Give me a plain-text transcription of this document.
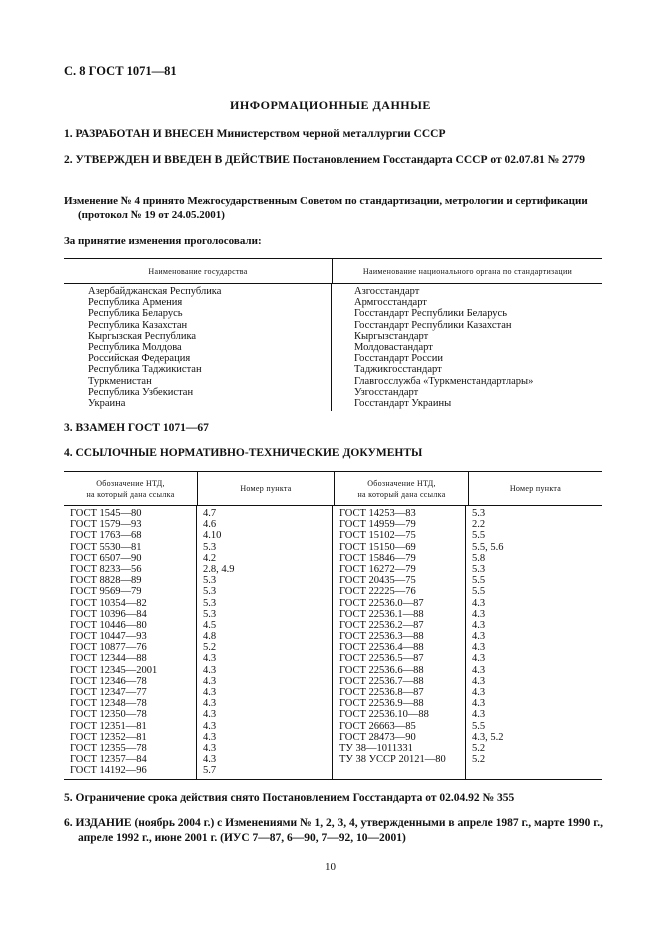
С. 8 ГОСТ 1071—81
ИНФОРМАЦИОННЫЕ ДАННЫЕ
1. РАЗРАБОТАН И ВНЕСЕН Министерством черной металлургии СССР
2. УТВЕРЖДЕН И ВВЕДЕН В ДЕЙСТВИЕ Постановлением Госстандарта СССР от 02.07.81 № 2779
Изменение № 4 принято Межгосударственным Советом по стандартизации, метрологии и сертификации (протокол № 19 от 24.05.2001)
За принятие изменения проголосовали:
Наименование государства	Наименование национального органа по стандартизации
Азербайджанская Республика
Республика Армения
Республика Беларусь
Республика Казахстан
Кыргызская Республика
Республика Молдова
Российская Федерация
Республика Таджикистан
Туркменистан
Республика Узбекистан
Украина
Азгосстандарт
Армгосстандарт
Госстандарт Республики Беларусь
Госстандарт Республики Казахстан
Кыргызстандарт
Молдовастандарт
Госстандарт России
Таджикгосстандарт
Главгосслужба «Туркменстандартлары»
Узгосстандарт
Госстандарт Украины
3. ВЗАМЕН ГОСТ 1071—67
4. ССЫЛОЧНЫЕ НОРМАТИВНО-ТЕХНИЧЕСКИЕ ДОКУМЕНТЫ
Обозначение НТД,
на который дана ссылка
Номер пункта
Обозначение НТД,
на который дана ссылка
Номер пункта
ГОСТ 1545—80
ГОСТ 1579—93
ГОСТ 1763—68
ГОСТ 5530—81
ГОСТ 6507—90
ГОСТ 8233—56
ГОСТ 8828—89
ГОСТ 9569—79
ГОСТ 10354—82
ГОСТ 10396—84
ГОСТ 10446—80
ГОСТ 10447—93
ГОСТ 10877—76
ГОСТ 12344—88
ГОСТ 12345—2001
ГОСТ 12346—78
ГОСТ 12347—77
ГОСТ 12348—78
ГОСТ 12350—78
ГОСТ 12351—81
ГОСТ 12352—81
ГОСТ 12355—78
ГОСТ 12357—84
ГОСТ 14192—96
4.7
4.6
4.10
5.3
4.2
2.8, 4.9
5.3
5.3
5.3
5.3
4.5
4.8
5.2
4.3
4.3
4.3
4.3
4.3
4.3
4.3
4.3
4.3
4.3
5.7
ГОСТ 14253—83
ГОСТ 14959—79
ГОСТ 15102—75
ГОСТ 15150—69
ГОСТ 15846—79
ГОСТ 16272—79
ГОСТ 20435—75
ГОСТ 22225—76
ГОСТ 22536.0—87
ГОСТ 22536.1—88
ГОСТ 22536.2—87
ГОСТ 22536.3—88
ГОСТ 22536.4—88
ГОСТ 22536.5—87
ГОСТ 22536.6—88
ГОСТ 22536.7—88
ГОСТ 22536.8—87
ГОСТ 22536.9—88
ГОСТ 22536.10—88
ГОСТ 26663—85
ГОСТ 28473—90
ТУ 38—1011331
ТУ 38 УССР 20121—80
5.3
2.2
5.5
5.5, 5.6
5.8
5.3
5.5
5.5
4.3
4.3
4.3
4.3
4.3
4.3
4.3
4.3
4.3
4.3
4.3
5.5
4.3, 5.2
5.2
5.2
5. Ограничение срока действия снято Постановлением Госстандарта от 02.04.92 № 355
6. ИЗДАНИЕ (ноябрь 2004 г.) с Изменениями № 1, 2, 3, 4, утвержденными в апреле 1987 г., марте 1990 г., апреле 1992 г., июне 2001 г. (ИУС 7—87, 6—90, 7—92, 10—2001)
10
